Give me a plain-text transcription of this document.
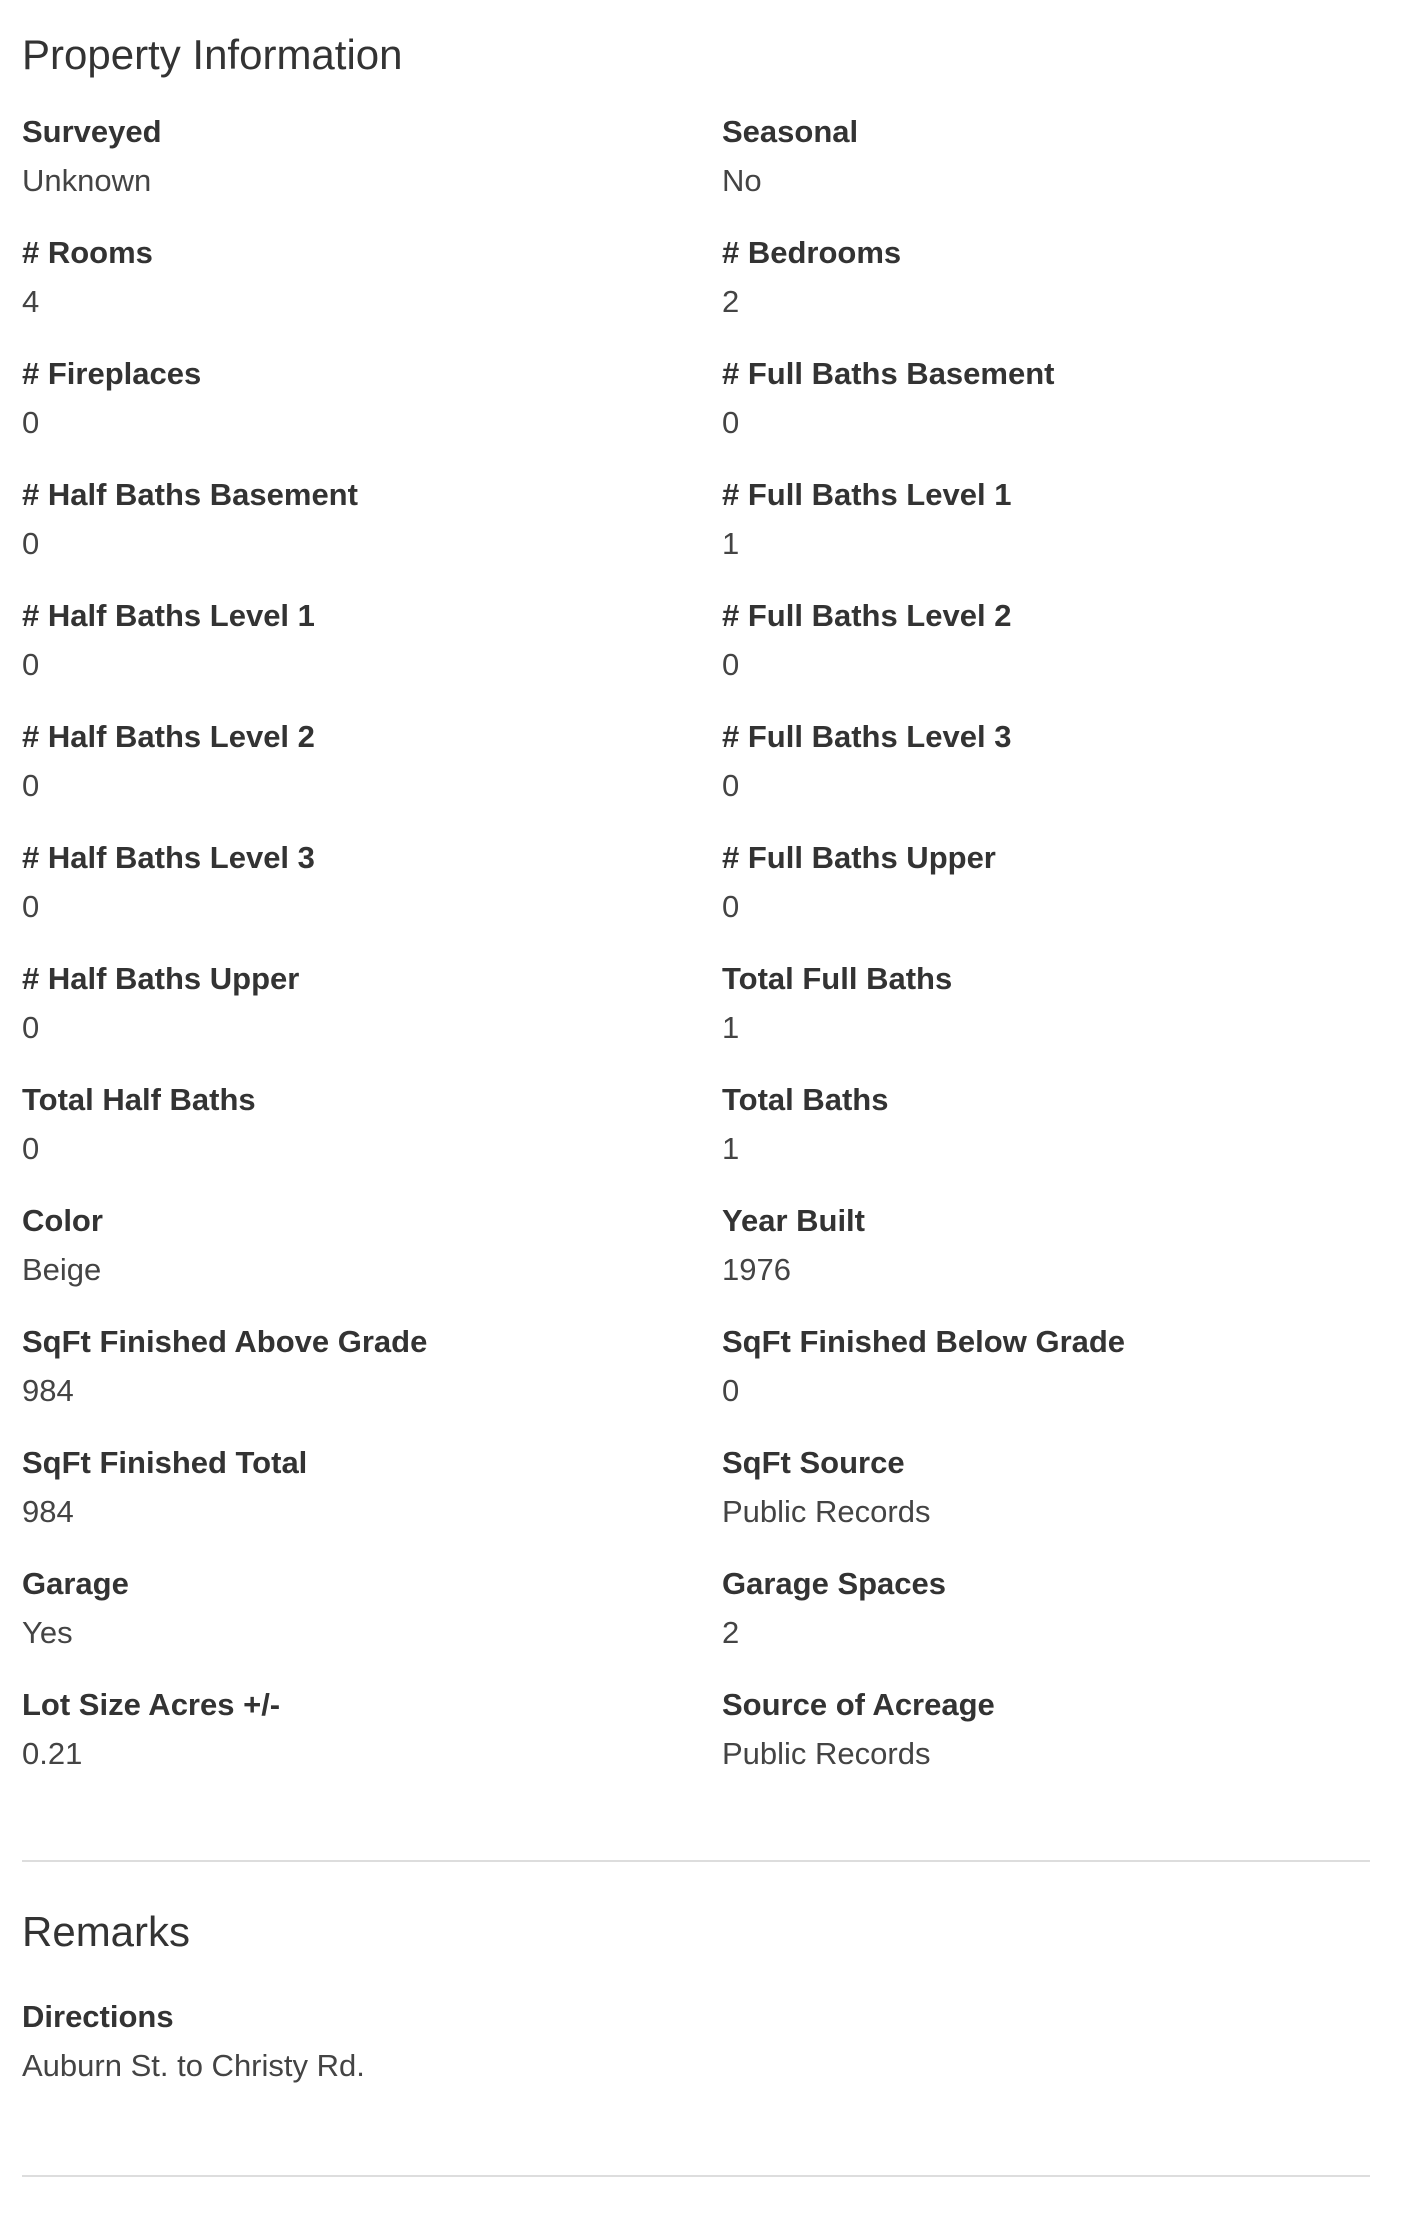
Property Information
Surveyed
Unknown
Seasonal
No
# Rooms
4
# Bedrooms
2
# Fireplaces
0
# Full Baths Basement
0
# Half Baths Basement
0
# Full Baths Level 1
1
# Half Baths Level 1
0
# Full Baths Level 2
0
# Half Baths Level 2
0
# Full Baths Level 3
0
# Half Baths Level 3
0
# Full Baths Upper
0
# Half Baths Upper
0
Total Full Baths
1
Total Half Baths
0
Total Baths
1
Color
Beige
Year Built
1976
SqFt Finished Above Grade
984
SqFt Finished Below Grade
0
SqFt Finished Total
984
SqFt Source
Public Records
Garage
Yes
Garage Spaces
2
Lot Size Acres +/-
0.21
Source of Acreage
Public Records
Remarks
Directions
Auburn St. to Christy Rd.
